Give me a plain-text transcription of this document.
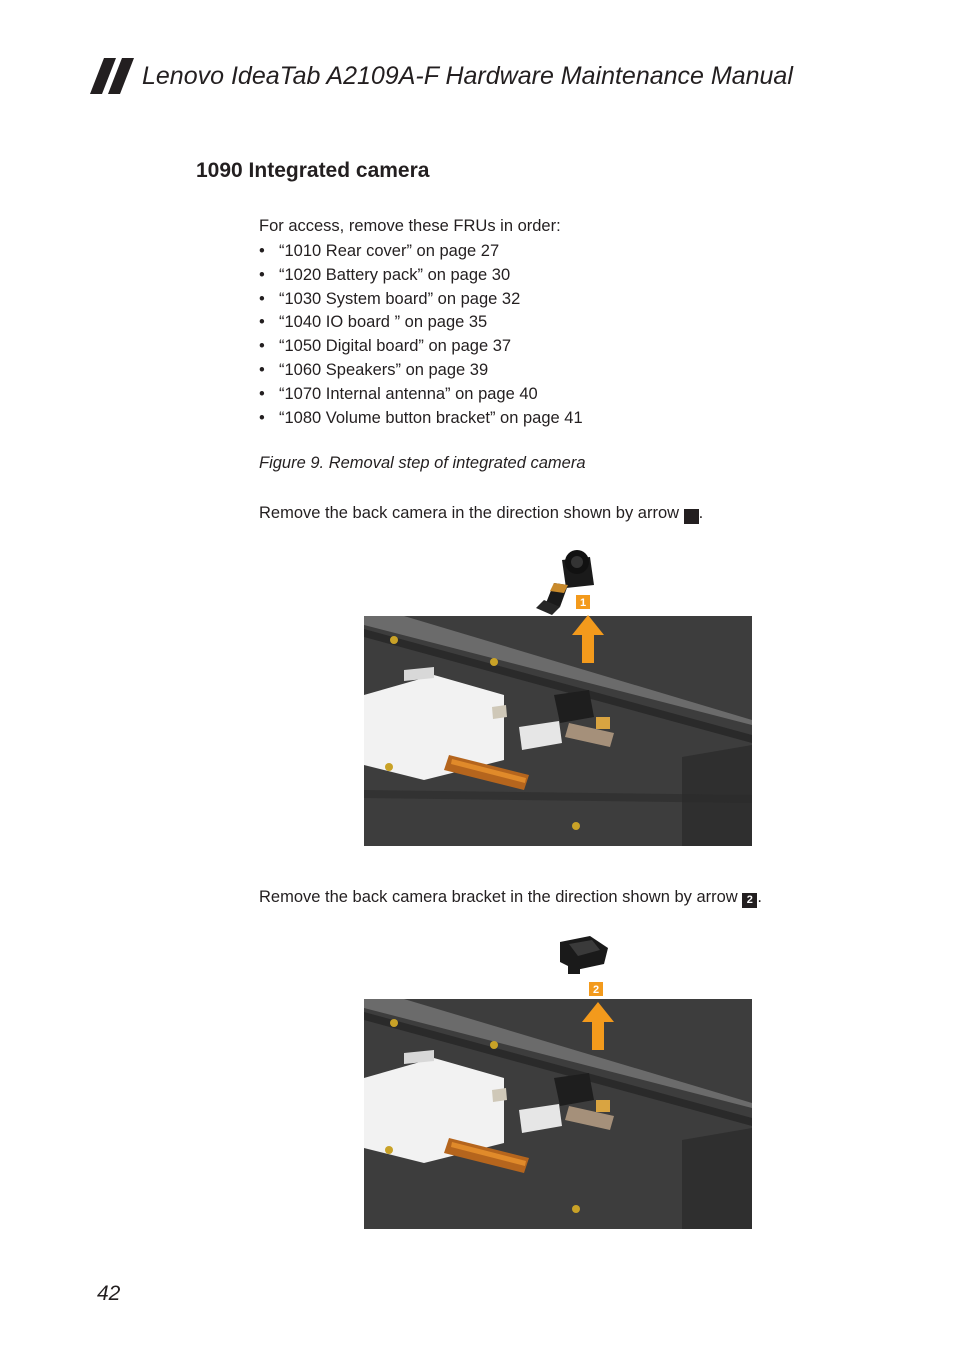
Lenovo IdeaTab A2109A-F Hardware Maintenance Manual
1090 Integrated camera
For access, remove these FRUs in order:
• “1010 Rear cover” on page 27
• “1020 Battery pack” on page 30
• “1030 System board” on page 32
• “1040 IO board ” on page 35
• “1050 Digital board” on page 37
• “1060 Speakers” on page 39
• “1070 Internal antenna” on page 40
• “1080 Volume button bracket” on page 41
Figure 9. Removal step of integrated camera
Remove the back camera in the direction shown by arrow 1 .
1
Remove the back camera bracket in the direction shown by arrow 2 .
2
42
